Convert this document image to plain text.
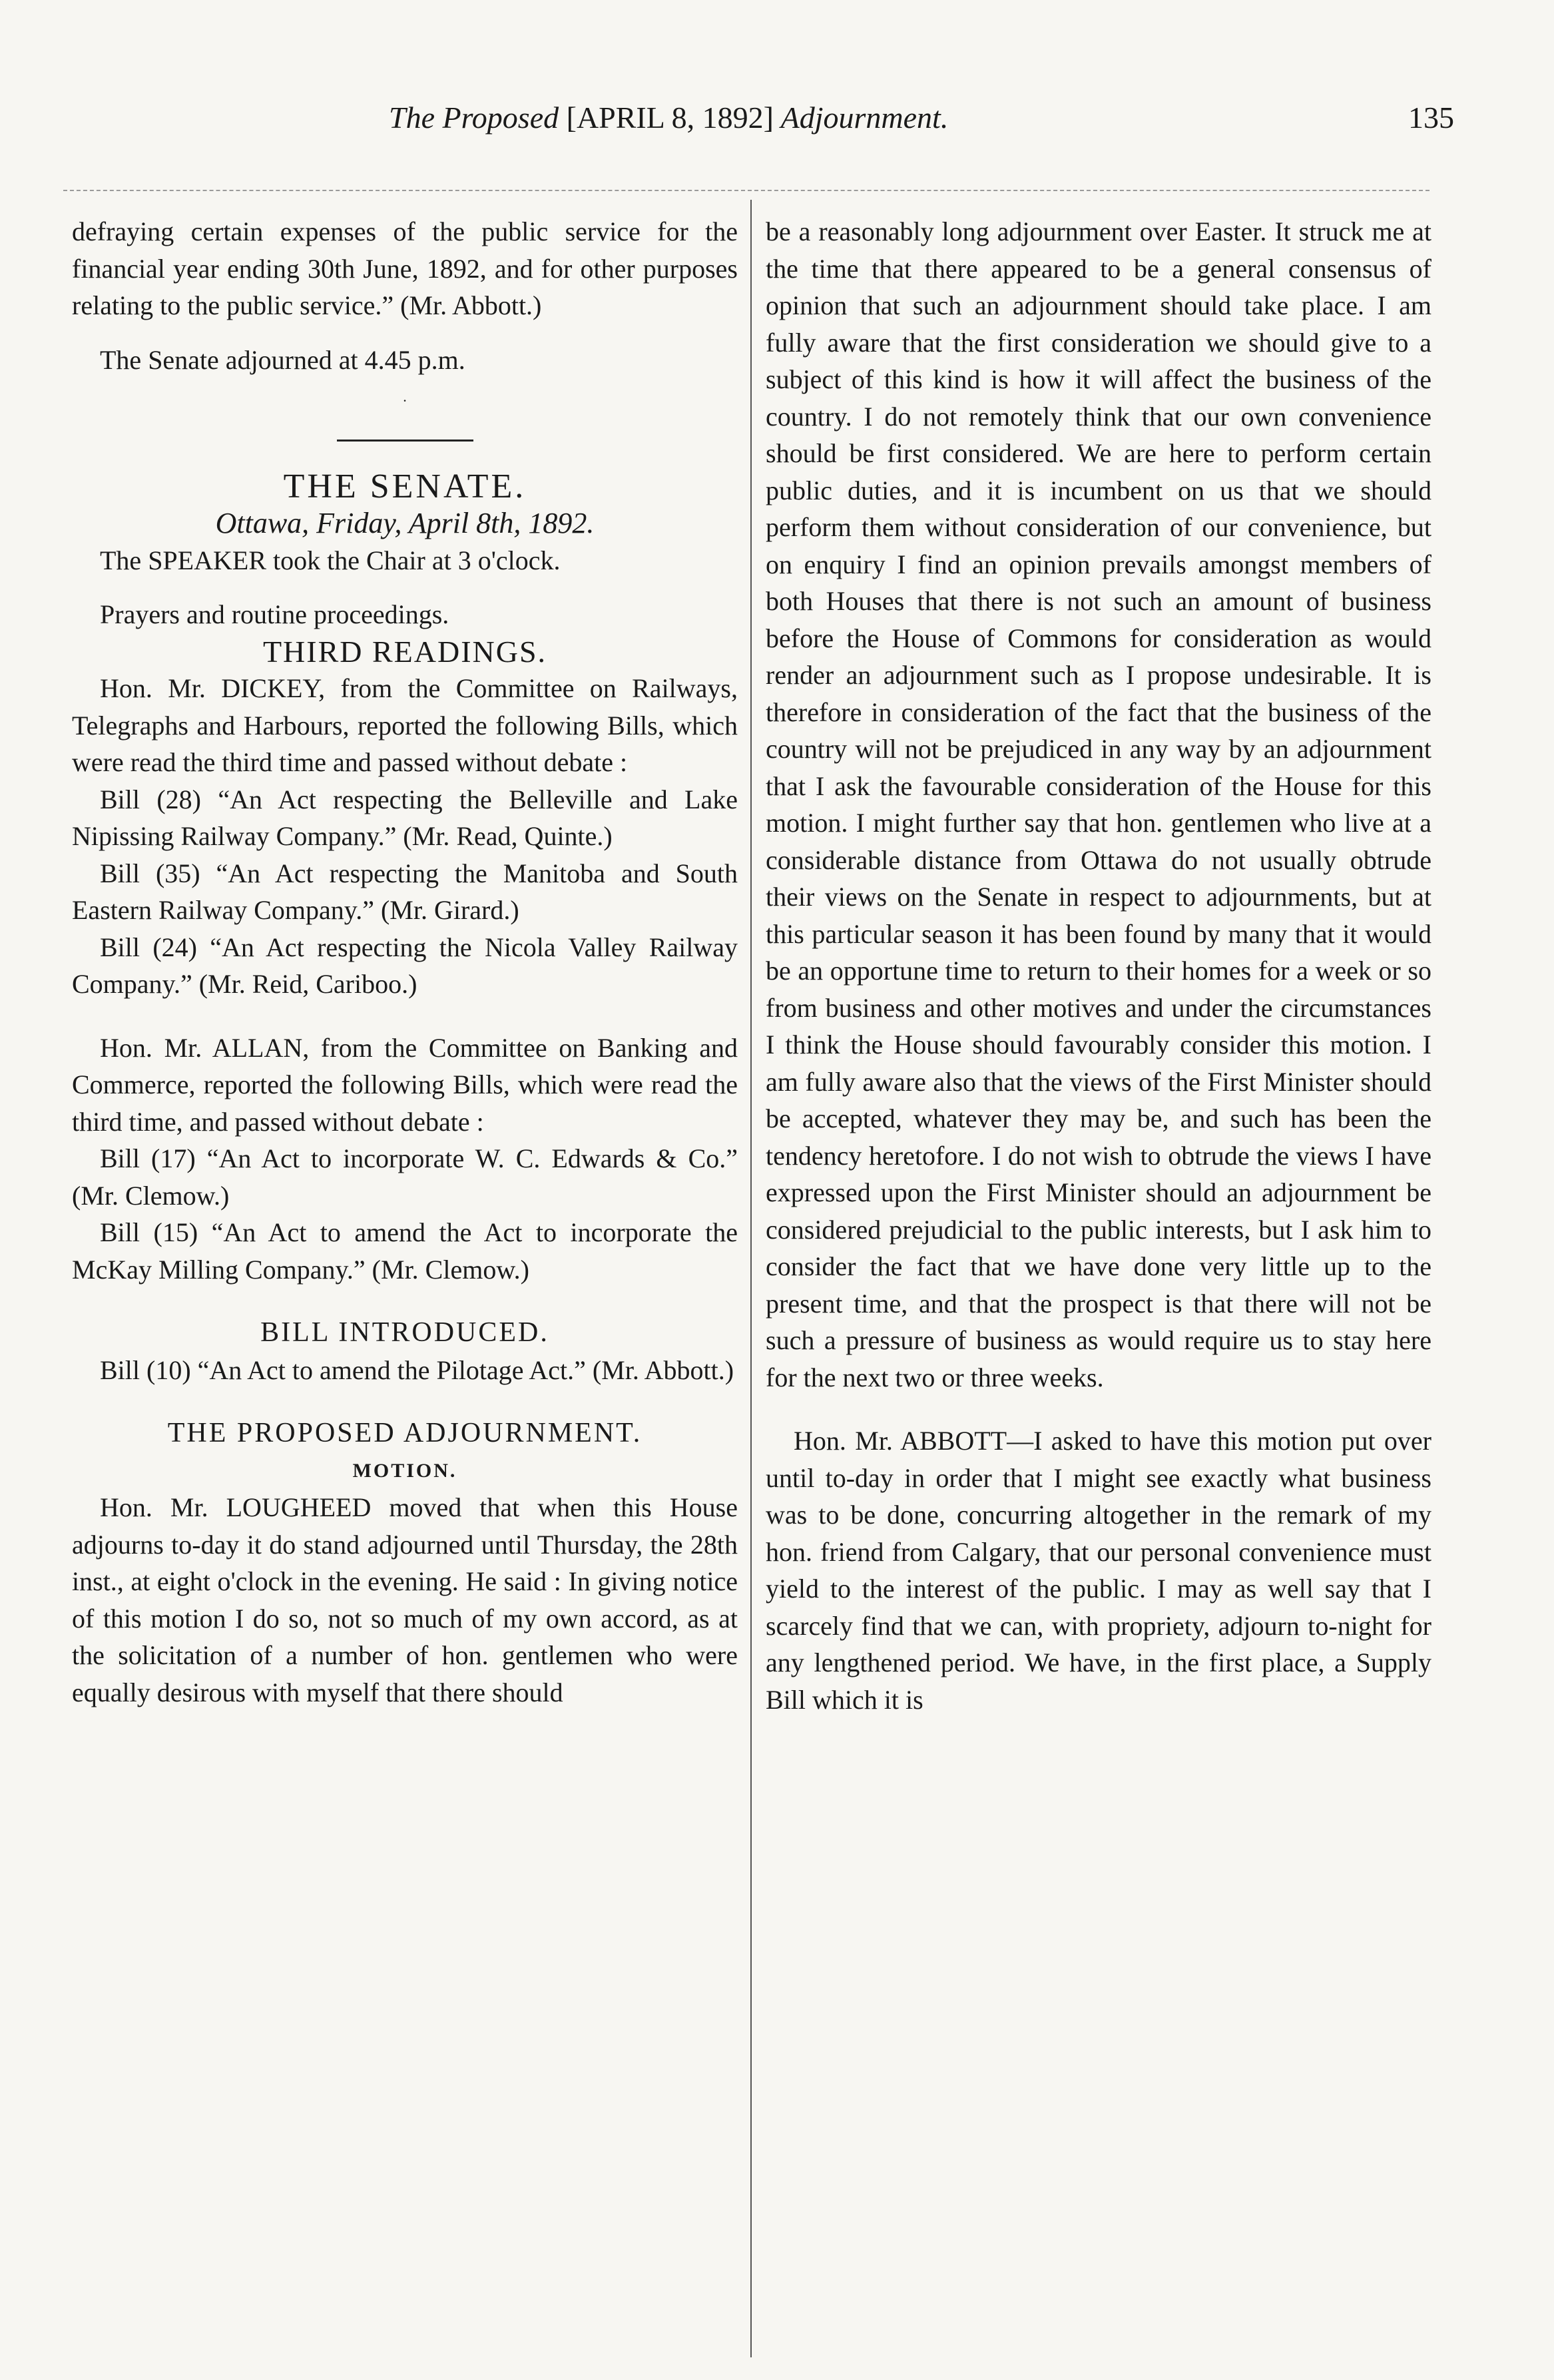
The Proposed [APRIL 8, 1892] Adjournment.	135

defraying certain expenses of the public service for the financial year ending 30th June, 1892, and for other purposes relating to the public service.” (Mr. Abbott.)

The Senate adjourned at 4.45 p.m.

·

THE SENATE.

Ottawa, Friday, April 8th, 1892.

The SPEAKER took the Chair at 3 o'clock.

Prayers and routine proceedings.

THIRD READINGS.

Hon. Mr. DICKEY, from the Committee on Railways, Telegraphs and Harbours, reported the following Bills, which were read the third time and passed without debate :

Bill (28) “An Act respecting the Belleville and Lake Nipissing Railway Company.” (Mr. Read, Quinte.)

Bill (35) “An Act respecting the Manitoba and South Eastern Railway Company.” (Mr. Girard.)

Bill (24) “An Act respecting the Nicola Valley Railway Company.” (Mr. Reid, Cariboo.)

Hon. Mr. ALLAN, from the Committee on Banking and Commerce, reported the following Bills, which were read the third time, and passed without debate :

Bill (17) “An Act to incorporate W. C. Edwards & Co.” (Mr. Clemow.)

Bill (15) “An Act to amend the Act to incorporate the McKay Milling Company.” (Mr. Clemow.)

BILL INTRODUCED.

Bill (10) “An Act to amend the Pilotage Act.” (Mr. Abbott.)

THE PROPOSED ADJOURNMENT.

MOTION.

Hon. Mr. LOUGHEED moved that when this House adjourns to-day it do stand adjourned until Thursday, the 28th inst., at eight o'clock in the evening. He said : In giving notice of this motion I do so, not so much of my own accord, as at the solicitation of a number of hon. gentlemen who were equally desirous with myself that there should

be a reasonably long adjournment over Easter. It struck me at the time that there appeared to be a general consensus of opinion that such an adjournment should take place. I am fully aware that the first consideration we should give to a subject of this kind is how it will affect the business of the country. I do not remotely think that our own convenience should be first considered. We are here to perform certain public duties, and it is incumbent on us that we should perform them without consideration of our convenience, but on enquiry I find an opinion prevails amongst members of both Houses that there is not such an amount of business before the House of Commons for consideration as would render an adjournment such as I propose undesirable. It is therefore in consideration of the fact that the business of the country will not be prejudiced in any way by an adjournment that I ask the favourable consideration of the House for this motion. I might further say that hon. gentlemen who live at a considerable distance from Ottawa do not usually obtrude their views on the Senate in respect to adjournments, but at this particular season it has been found by many that it would be an opportune time to return to their homes for a week or so from business and other motives and under the circumstances I think the House should favourably consider this motion. I am fully aware also that the views of the First Minister should be accepted, whatever they may be, and such has been the tendency heretofore. I do not wish to obtrude the views I have expressed upon the First Minister should an adjournment be considered prejudicial to the public interests, but I ask him to consider the fact that we have done very little up to the present time, and that the prospect is that there will not be such a pressure of business as would require us to stay here for the next two or three weeks.

Hon. Mr. ABBOTT—I asked to have this motion put over until to-day in order that I might see exactly what business was to be done, concurring altogether in the remark of my hon. friend from Calgary, that our personal convenience must yield to the interest of the public. I may as well say that I scarcely find that we can, with propriety, adjourn to-night for any lengthened period. We have, in the first place, a Supply Bill which it is
